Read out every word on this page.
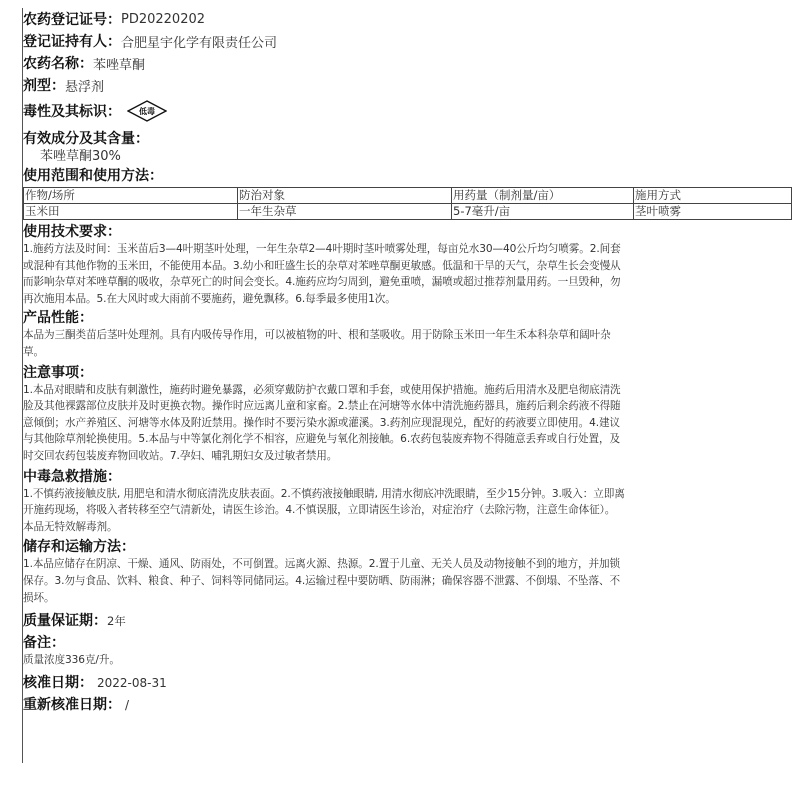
农药登记证号： PD20220202
登记证持有人： 合肥星宇化学有限责任公司
农药名称： 苯唑草酮
剂型： 悬浮剂
毒性及其标识： 低毒
有效成分及其含量：
苯唑草酮30%
使用范围和使用方法：
作物/场所	防治对象	用药量（制剂量/亩）	施用方式
玉米田	一年生杂草	5-7毫升/亩	茎叶喷雾
使用技术要求：
1.施药方法及时间：玉米苗后3—4叶期茎叶处理，一年生杂草2—4叶期时茎叶喷雾处理，每亩兑水30—40公斤均匀喷雾。2.间套
或混种有其他作物的玉米田，不能使用本品。3.幼小和旺盛生长的杂草对苯唑草酮更敏感。低温和干旱的天气，杂草生长会变慢从
而影响杂草对苯唑草酮的吸收，杂草死亡的时间会变长。4.施药应均匀周到，避免重喷，漏喷或超过推荐剂量用药。一旦毁种，勿
再次施用本品。5.在大风时或大雨前不要施药，避免飘移。6.每季最多使用1次。
产品性能：
本品为三酮类苗后茎叶处理剂。具有内吸传导作用，可以被植物的叶、根和茎吸收。用于防除玉米田一年生禾本科杂草和阔叶杂
草。
注意事项：
1.本品对眼睛和皮肤有刺激性，施药时避免暴露，必须穿戴防护衣戴口罩和手套，或使用保护措施。施药后用清水及肥皂彻底清洗
脸及其他裸露部位皮肤并及时更换衣物。操作时应远离儿童和家畜。2.禁止在河塘等水体中清洗施药器具，施药后剩余药液不得随
意倾倒；水产养殖区、河塘等水体及附近禁用。操作时不要污染水源或灌溪。3.药剂应现混现兑，配好的药液要立即使用。4.建议
与其他除草剂轮换使用。5.本品与中等氯化剂化学不相容，应避免与氧化剂接触。6.农药包装废弃物不得随意丢弃或自行处置，及
时交回农药包装废弃物回收站。7.孕妇、哺乳期妇女及过敏者禁用。
中毒急救措施：
1.不慎药液接触皮肤, 用肥皂和清水彻底清洗皮肤表面。2.不慎药液接触眼睛, 用清水彻底冲洗眼睛，至少15分钟。3.吸入：立即离
开施药现场，将吸入者转移至空气清新处，请医生诊治。4.不慎误服，立即请医生诊治，对症治疗（去除污物，注意生命体征）。
本品无特效解毒剂。
储存和运输方法：
1.本品应储存在阴凉、干燥、通风、防雨处，不可倒置。远离火源、热源。2.置于儿童、无关人员及动物接触不到的地方，并加锁
保存。3.勿与食品、饮料、粮食、种子、饲料等同储同运。4.运输过程中要防晒、防雨淋；确保容器不泄露、不倒塌、不坠落、不
损坏。
质量保证期： 2年
备注：
质量浓度336克/升。
核准日期： 2022-08-31
重新核准日期： /
